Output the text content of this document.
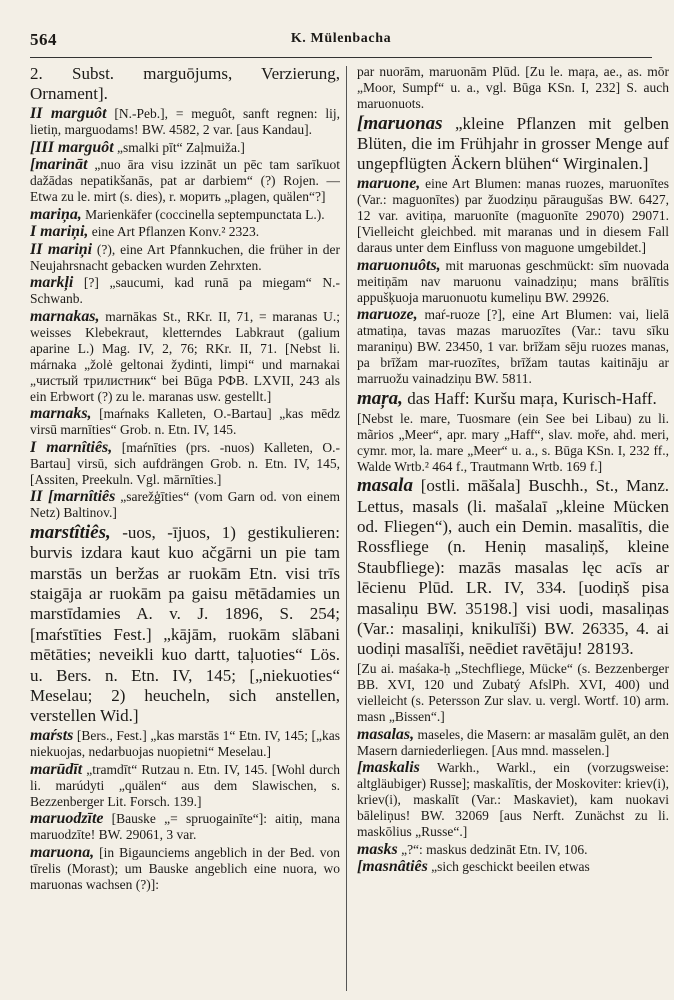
564	K. Mülenbacha

2. Subst. marguōjums, Verzierung, Ornament].

II marguôt [N.-Peb.], = meguôt, sanft regnen: lij, lietiņ, marguodams! BW. 4582, 2 var. [aus Kandau].

[III marguôt „smalki pīt“ Zaļmuiža.]

[marināt „nuo āra visu izzināt un pēc tam sarīkuot dažādas nepatikšanās, pat ar darbiem“ (?) Rojen. — Etwa zu le. mirt (s. dies), r. морить „plagen, quälen“?]

mariņa, Marienkäfer (coccinella septempunctata L.).

I mariņi, eine Art Pflanzen Konv.² 2323.

II mariņi (?), eine Art Pfannkuchen, die früher in der Neujahrsnacht gebacken wurden Zehrxten.

markļi [?] „saucumi, kad runā pa miegam“ N.-Schwanb.

marnakas, marnākas St., RKr. II, 71, = maranas U.; weisses Klebekraut, kletterndes Labkraut (galium aparine L.) Mag. IV, 2, 76; RKr. II, 71. [Nebst li. márnaka „žolė geltonai žydinti, limpi“ und marnakai „чистый трилистник“ bei Būga РФВ. LXVII, 243 als ein Erbwort (?) zu le. maranas usw. gestellt.]

marnaks, [maŕnaks Kalleten, O.-Bartau] „kas mēdz virsū marnīties“ Grob. n. Etn. IV, 145.

I marnîtiês, [maŕnīties (prs. -nuos) Kalleten, O.-Bartau] virsū, sich aufdrängen Grob. n. Etn. IV, 145, [Assiten, Preekuln. Vgl. mārnīties.]

II [marnîtiês „sarežģīties“ (vom Garn od. von einem Netz) Baltinov.]

marstîtiês, -uos, -ījuos, 1) gestikulieren: burvis izdara kaut kuo ačgārni un pie tam marstās un beržas ar ruokām Etn. visi trīs staigāja ar ruokām pa gaisu mētādamies un marstīdamies A. v. J. 1896, S. 254; [maŕstīties Fest.] „kājām, ruokām slābani mētāties; neveikli kuo dartt, taļuoties“ Lös. u. Bers. n. Etn. IV, 145; [„niekuoties“ Meselau; 2) heucheln, sich anstellen, verstellen Wid.]

maŕsts [Bers., Fest.] „kas marstās 1“ Etn. IV, 145; [„kas niekuojas, nedarbuojas nuopietni“ Meselau.]

marūdīt „tramdīt“ Rutzau n. Etn. IV, 145. [Wohl durch li. marúdyti „quälen“ aus dem Slawischen, s. Bezzenberger Lit. Forsch. 139.]

maruodzīte [Bauske „= spruogainīte“]: aitiņ, mana maruodzīte! BW. 29061, 3 var.

maruona, [in Bigaunciems angeblich in der Bed. von tīrelis (Morast); um Bauske angeblich eine nuora, wo maruonas wachsen (?)]:

par nuorām, maruonām Plūd. [Zu le. maŗa, ae., as. mōr „Moor, Sumpf“ u. a., vgl. Būga KSn. I, 232] S. auch maruonuots.

[maruonas „kleine Pflanzen mit gelben Blüten, die im Frühjahr in grosser Menge auf ungepflügten Äckern blühen“ Wirginalen.]

maruone, eine Art Blumen: manas ruozes, maruonītes (Var.: maguonītes) par žuodziņu pāraugušas BW. 6427, 12 var. avitiņa, maruonīte (maguonīte 29070) 29071. [Vielleicht gleichbed. mit maranas und in diesem Fall daraus unter dem Einfluss von maguone umgebildet.]

maruonuôts, mit maruonas geschmückt: sīm nuovada meitiņām nav maruonu vainadziņu; mans brālītis appušķuoja maruonuotu kumeliņu BW. 29926.

maruoze, maŕ-ruoze [?], eine Art Blumen: vai, lielā atmatiņa, tavas mazas maruozītes (Var.: tavu sīku maraniņu) BW. 23450, 1 var. brīžam sēju ruozes manas, pa brīžam mar-ruozītes, brīžam tautas kaitināju ar marruožu vainadziņu BW. 5811.

maŗa, das Haff: Kuršu maŗa, Kurisch-Haff.

[Nebst le. mare, Tuosmare (ein See bei Libau) zu li. mãrios „Meer“, apr. mary „Haff“, slav. moře, ahd. meri, cymr. mor, la. mare „Meer“ u. a., s. Būga KSn. I, 232 ff., Walde Wrtb.² 464 f., Trautmann Wrtb. 169 f.]

masala [ostli. māšala] Buschh., St., Manz. Lettus, masals (li. mašalaī „kleine Mücken od. Fliegen“), auch ein Demin. masalītis, die Rossfliege (n. Heniņ masaliņš, kleine Staubfliege): mazās masalas lęc acīs ar lēcienu Plūd. LR. IV, 334. [uodiņš pisa masaliņu BW. 35198.] visi uodi, masaliņas (Var.: masaliņi, knikulīši) BW. 26335, 4. ai uodiņi masalīši, neēdiet ravētāju! 28193.

[Zu ai. maśaka-ḥ „Stechfliege, Mücke“ (s. Bezzenberger BB. XVI, 120 und Zubatý AfslPh. XVI, 400) und vielleicht (s. Petersson Zur slav. u. vergl. Wortf. 10) arm. masn „Bissen“.]

masalas, maseles, die Masern: ar masalām gulēt, an den Masern darniederliegen. [Aus mnd. masselen.]

[maskalis Warkh., Warkl., ein (vorzugsweise: altgläubiger) Russe]; maskalītis, der Moskoviter: kriev(i), kriev(i), maskalīt (Var.: Maskaviet), kam nuokavi bāleliņus! BW. 32069 [aus Nerft. Zunächst zu li. maskōlius „Russe“.]

masks „?“: maskus dedzināt Etn. IV, 106.

[masnâtiês „sich geschickt beeilen etwas
